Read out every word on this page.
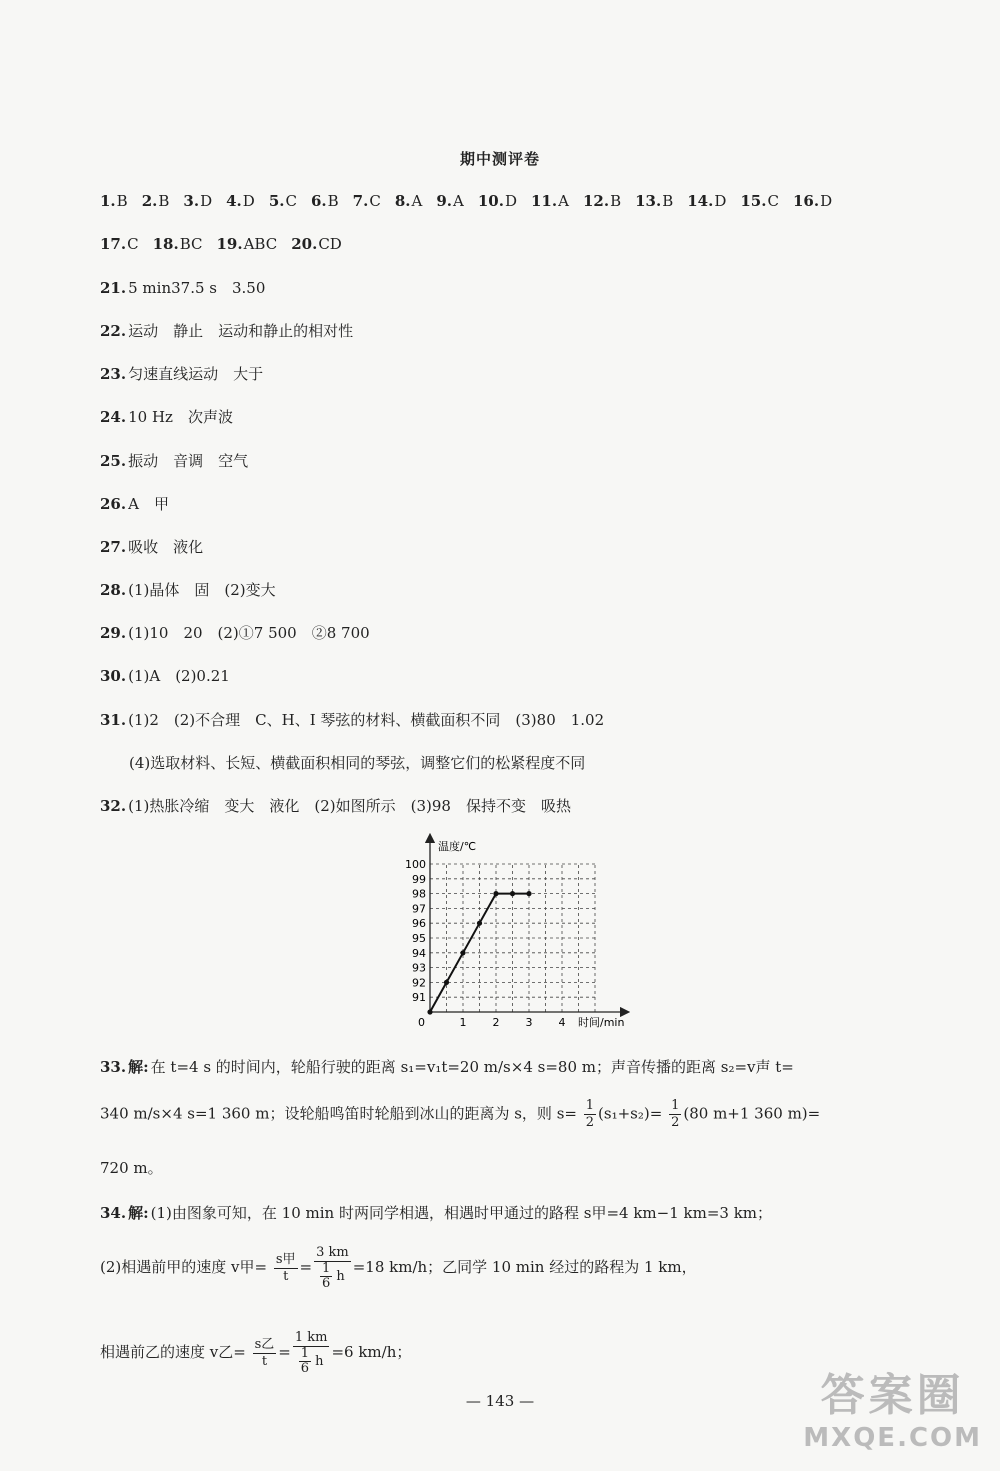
期中测评卷
1.B 2.B 3.D 4.D 5.C 6.B 7.C 8.A 9.A 10.D 11.A 12.B 13.B 14.D 15.C 16.D
17.C 18.BC 19.ABC 20.CD
21. 5 min37.5 s　3.50
22. 运动　静止　运动和静止的相对性
23. 匀速直线运动　大于
24. 10 Hz　次声波
25. 振动　音调　空气
26. A　甲
27. 吸收　液化
28. (1)晶体　固　(2)变大
29. (1)10　20　(2)①7 500　②8 700
30. (1)A　(2)0.21
31. (1)2　(2)不合理　C、H、I 琴弦的材料、横截面积不同　(3)80　1.02
(4)选取材料、长短、横截面积相同的琴弦，调整它们的松紧程度不同
32. (1)热胀冷缩　变大　液化　(2)如图所示　(3)98　保持不变　吸热
91
92
93
94
95
96
97
98
99
100
1 2 3 4
温度/℃
时间/min
0
33. 解: 在 t=4 s 的时间内，轮船行驶的距离 s₁=v₁t=20 m/s×4 s=80 m；声音传播的距离 s₂=v声 t=
340 m/s×4 s=1 360 m；设轮船鸣笛时轮船到冰山的距离为 s，则 $s= \frac{1}{2} (s_1+s_2)= \frac{1}{2} (80$ m+1 360 m)=
720 m。
34. 解: (1)由图象可知，在 10 min 时两同学相遇，相遇时甲通过的路程 s甲=4 km−1 km=3 km；
(2)相遇前甲的速度 v甲= $\frac{\text{s甲}}{t} = \frac{3 km}{\frac{1}{6} h} =18$ km/h；乙同学 10 min 经过的路程为 1 km，
相遇前乙的速度 v乙= $\frac{\text{s乙}}{t} = \frac{1 km}{\frac{1}{6} h} =6$ km/h；
— 143 —	答案圈
MXQE.COM
